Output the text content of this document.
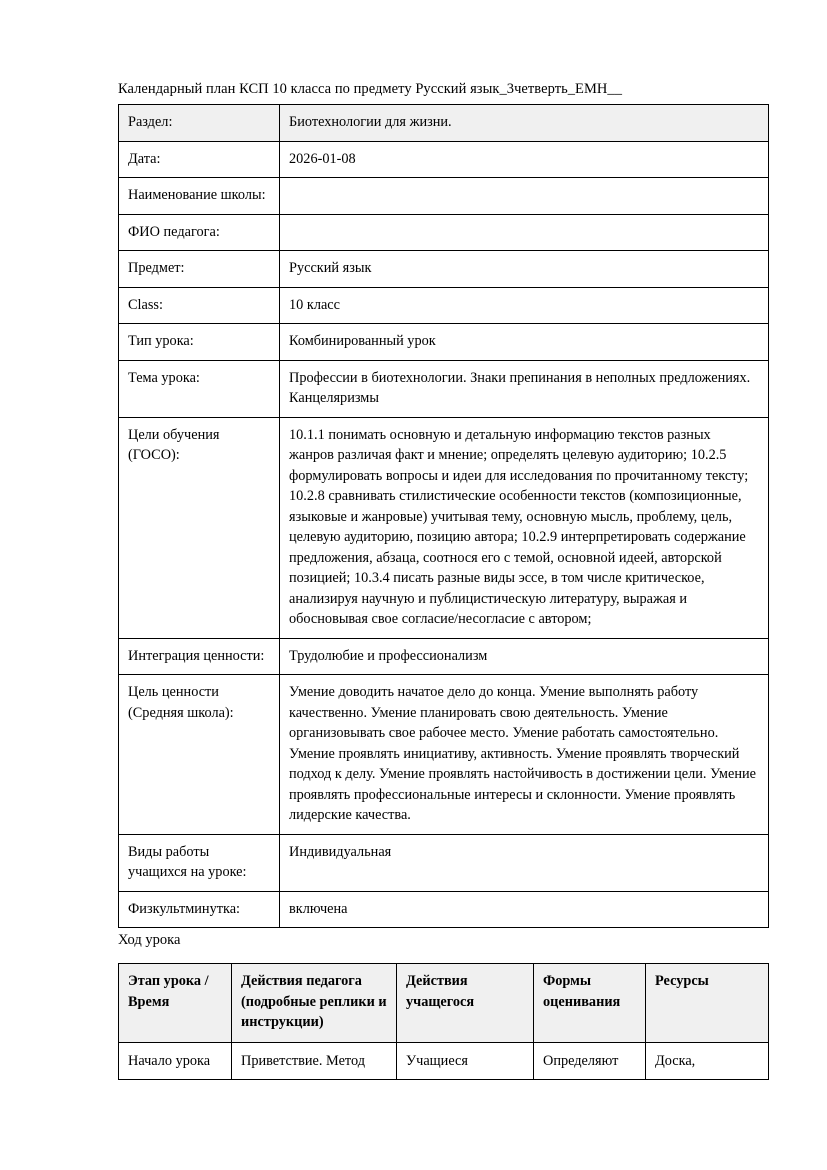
Календарный план КСП 10 класса по предмету Русский язык_3четверть_ЕМН__

Раздел:	Биотехнологии для жизни.
Дата:	2026-01-08
Наименование школы:	
ФИО педагога:	
Предмет:	Русский язык
Class:	10 класс
Тип урока:	Комбинированный урок
Тема урока:	Профессии в биотехнологии. Знаки препинания в неполных предложениях. Канцеляризмы
Цели обучения (ГОСО):	10.1.1 понимать основную и детальную информацию текстов разных жанров различая факт и мнение; определять целевую аудиторию; 10.2.5 формулировать вопросы и идеи для исследования по прочитанному тексту; 10.2.8 сравнивать стилистические особенности текстов (композиционные, языковые и жанровые) учитывая тему, основную мысль, проблему, цель, целевую аудиторию, позицию автора; 10.2.9 интерпретировать содержание предложения, абзаца, соотнося его с темой, основной идеей, авторской позицией; 10.3.4 писать разные виды эссе, в том числе критическое, анализируя научную и публицистическую литературу, выражая и обосновывая свое согласие/несогласие с автором;
Интеграция ценности:	Трудолюбие и профессионализм
Цель ценности (Средняя школа):	Умение доводить начатое дело до конца. Умение выполнять работу качественно. Умение планировать свою деятельность. Умение организовывать свое рабочее место. Умение работать самостоятельно. Умение проявлять инициативу, активность. Умение проявлять творческий подход к делу. Умение проявлять настойчивость в достижении цели. Умение проявлять профессиональные интересы и склонности. Умение проявлять лидерские качества.
Виды работы учащихся на уроке:	Индивидуальная
Физкультминутка:	включена

Ход урока

Этап урока / Время	Действия педагога (подробные реплики и инструкции)	Действия учащегося	Формы оценивания	Ресурсы
Начало урока	Приветствие. Метод	Учащиеся	Определяют	Доска,
